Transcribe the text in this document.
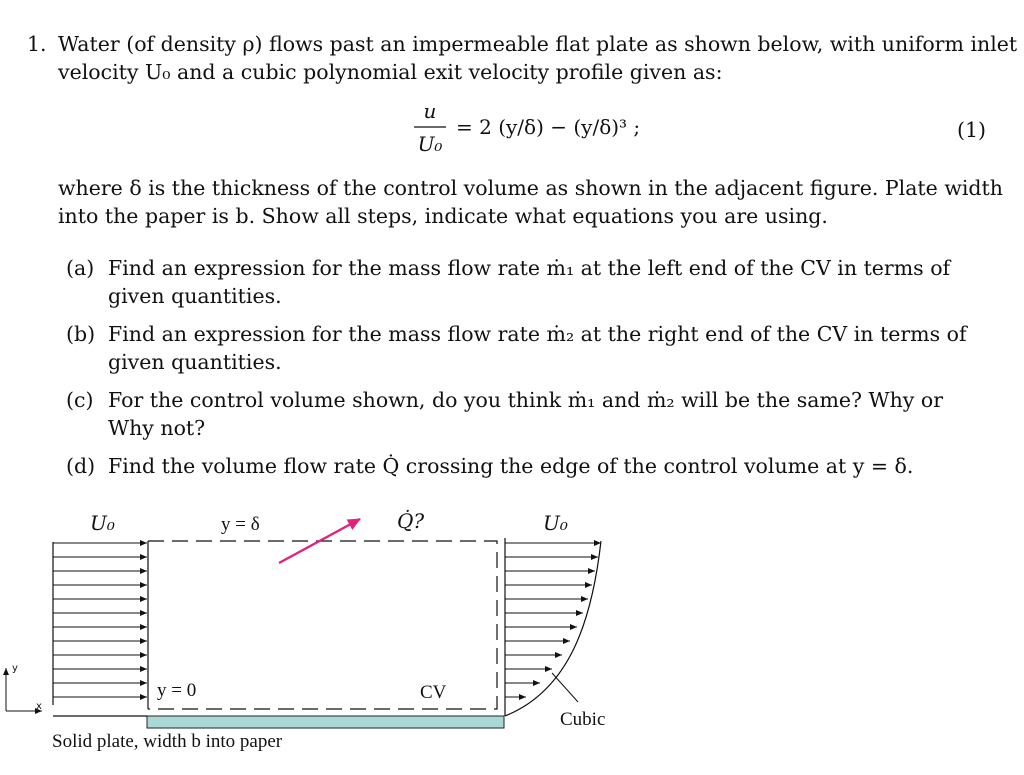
1. Water (of density ρ) flows past an impermeable flat plate as shown below, with uniform inlet
velocity U₀ and a cubic polynomial exit velocity profile given as:
u
U₀
= 2 (y/δ) − (y/δ)³ ;	(1)
where δ is the thickness of the control volume as shown in the adjacent figure. Plate width
into the paper is b. Show all steps, indicate what equations you are using.
(a) Find an expression for the mass flow rate ṁ₁ at the left end of the CV in terms of given quantities.
(b) Find an expression for the mass flow rate ṁ₂ at the right end of the CV in terms of given quantities.
(c) For the control volume shown, do you think ṁ₁ and ṁ₂ will be the same? Why or Why not?
(d) Find the volume flow rate Q̇ crossing the edge of the control volume at y = δ.
y
x
U₀	U₀
y = δ	Q̇?
y = 0	CV
Cubic
Solid plate, width b into paper
